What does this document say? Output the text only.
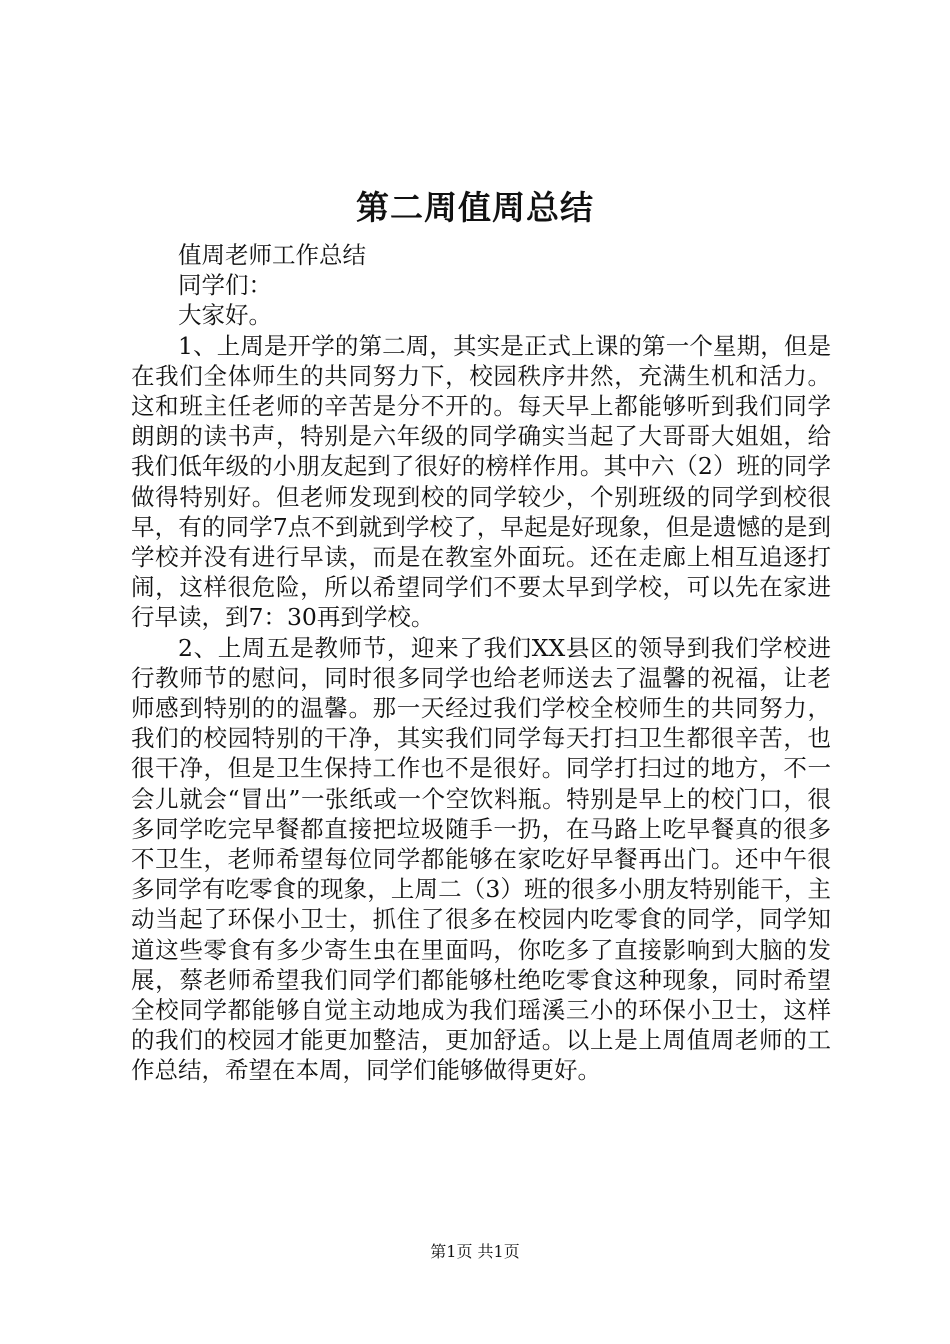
第二周值周总结

值周老师工作总结

同学们：

大家好。

1、上周是开学的第二周，其实是正式上课的第一个星期，但是在我们全体师生的共同努力下，校园秩序井然，充满生机和活力。这和班主任老师的辛苦是分不开的。每天早上都能够听到我们同学朗朗的读书声，特别是六年级的同学确实当起了大哥哥大姐姐，给我们低年级的小朋友起到了很好的榜样作用。其中六（2）班的同学做得特别好。但老师发现到校的同学较少，个别班级的同学到校很早，有的同学7点不到就到学校了，早起是好现象，但是遗憾的是到学校并没有进行早读，而是在教室外面玩。还在走廊上相互追逐打闹，这样很危险，所以希望同学们不要太早到学校，可以先在家进行早读，到7：30再到学校。

2、上周五是教师节，迎来了我们XX县区的领导到我们学校进行教师节的慰问，同时很多同学也给老师送去了温馨的祝福，让老师感到特别的的温馨。那一天经过我们学校全校师生的共同努力，我们的校园特别的干净，其实我们同学每天打扫卫生都很辛苦，也很干净，但是卫生保持工作也不是很好。同学打扫过的地方，不一会儿就会“冒出”一张纸或一个空饮料瓶。特别是早上的校门口，很多同学吃完早餐都直接把垃圾随手一扔，在马路上吃早餐真的很多不卫生，老师希望每位同学都能够在家吃好早餐再出门。还中午很多同学有吃零食的现象，上周二（3）班的很多小朋友特别能干，主动当起了环保小卫士，抓住了很多在校园内吃零食的同学，同学知道这些零食有多少寄生虫在里面吗，你吃多了直接影响到大脑的发展，蔡老师希望我们同学们都能够杜绝吃零食这种现象，同时希望全校同学都能够自觉主动地成为我们瑶溪三小的环保小卫士，这样的我们的校园才能更加整洁，更加舒适。以上是上周值周老师的工作总结，希望在本周，同学们能够做得更好。

第1页 共1页
